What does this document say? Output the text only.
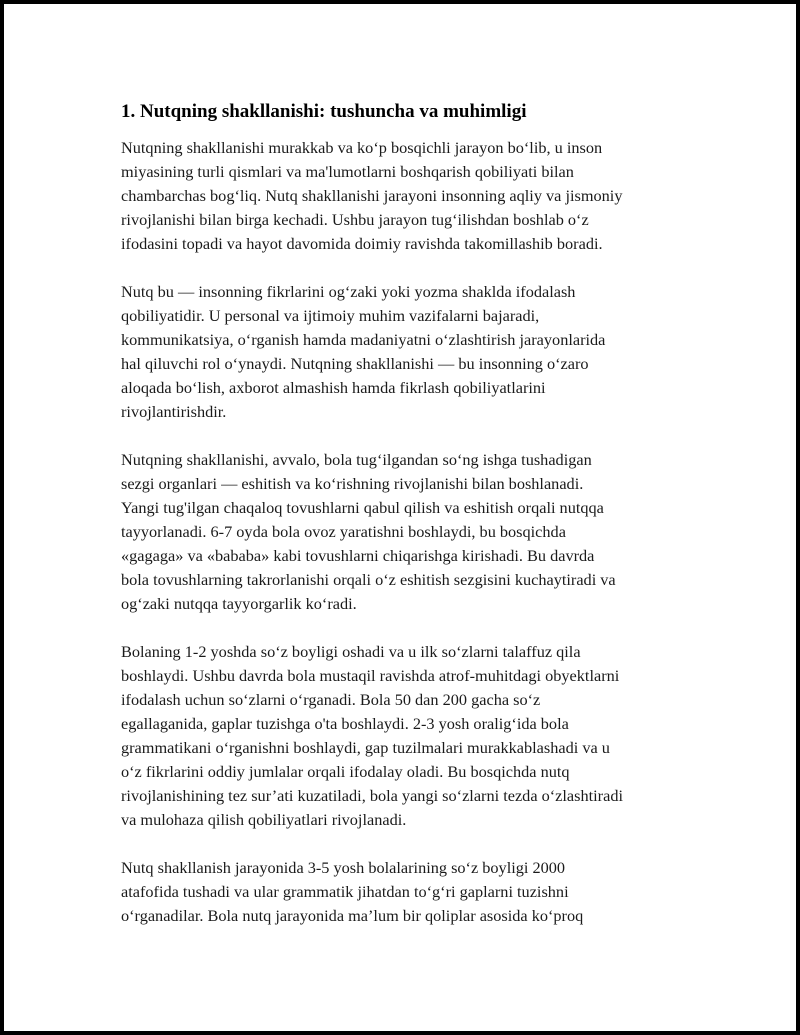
1. Nutqning shakllanishi: tushuncha va muhimligi
Nutqning shakllanishi murakkab va ko‘p bosqichli jarayon bo‘lib, u inson
miyasining turli qismlari va ma'lumotlarni boshqarish qobiliyati bilan
chambarchas bog‘liq. Nutq shakllanishi jarayoni insonning aqliy va jismoniy
rivojlanishi bilan birga kechadi. Ushbu jarayon tug‘ilishdan boshlab o‘z
ifodasini topadi va hayot davomida doimiy ravishda takomillashib boradi.
Nutq bu — insonning fikrlarini og‘zaki yoki yozma shaklda ifodalash
qobiliyatidir. U personal va ijtimoiy muhim vazifalarni bajaradi,
kommunikatsiya, o‘rganish hamda madaniyatni o‘zlashtirish jarayonlarida
hal qiluvchi rol o‘ynaydi. Nutqning shakllanishi — bu insonning o‘zaro
aloqada bo‘lish, axborot almashish hamda fikrlash qobiliyatlarini
rivojlantirishdir.
Nutqning shakllanishi, avvalo, bola tug‘ilgandan so‘ng ishga tushadigan
sezgi organlari — eshitish va ko‘rishning rivojlanishi bilan boshlanadi.
Yangi tug'ilgan chaqaloq tovushlarni qabul qilish va eshitish orqali nutqqa
tayyorlanadi. 6-7 oyda bola ovoz yaratishni boshlaydi, bu bosqichda
«gagaga» va «bababa» kabi tovushlarni chiqarishga kirishadi. Bu davrda
bola tovushlarning takrorlanishi orqali o‘z eshitish sezgisini kuchaytiradi va
og‘zaki nutqqa tayyorgarlik ko‘radi.
Bolaning 1-2 yoshda so‘z boyligi oshadi va u ilk so‘zlarni talaffuz qila
boshlaydi. Ushbu davrda bola mustaqil ravishda atrof-muhitdagi obyektlarni
ifodalash uchun so‘zlarni o‘rganadi. Bola 50 dan 200 gacha so‘z
egallaganida, gaplar tuzishga o'ta boshlaydi. 2-3 yosh oralig‘ida bola
grammatikani o‘rganishni boshlaydi, gap tuzilmalari murakkablashadi va u
o‘z fikrlarini oddiy jumlalar orqali ifodalay oladi. Bu bosqichda nutq
rivojlanishining tez sur’ati kuzatiladi, bola yangi so‘zlarni tezda o‘zlashtiradi
va mulohaza qilish qobiliyatlari rivojlanadi.
Nutq shakllanish jarayonida 3-5 yosh bolalarining so‘z boyligi 2000
atafofida tushadi va ular grammatik jihatdan to‘g‘ri gaplarni tuzishni
o‘rganadilar. Bola nutq jarayonida ma’lum bir qoliplar asosida ko‘proq
